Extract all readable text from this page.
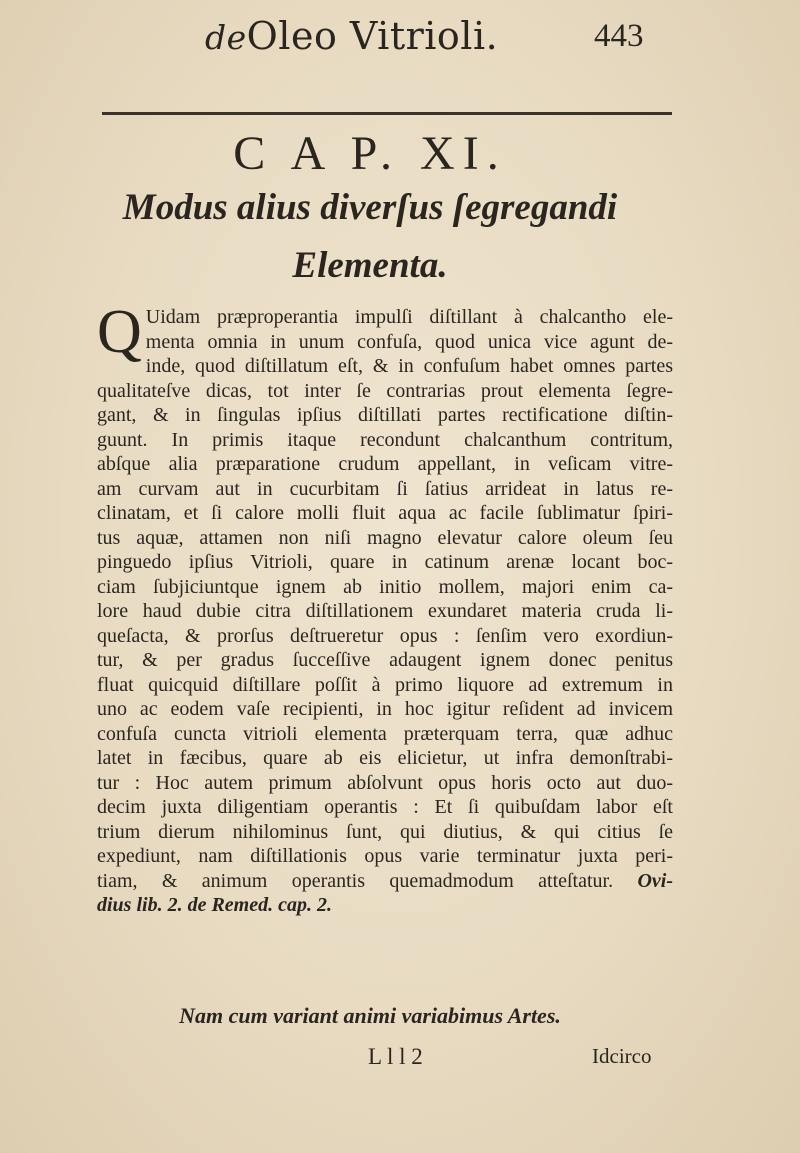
deOleo Vitrioli.	443
C A P. XI.
Modus alius diverſus ſegregandi
Elementa.
Q Uidam præproperantia impulſi diſtillant à chalcantho ele-
menta omnia in unum confuſa, quod unica vice agunt de-
inde, quod diſtillatum eſt, & in confuſum habet omnes partes
qualitateſve dicas, tot inter ſe contrarias prout elementa ſegre-
gant, & in ſingulas ipſius diſtillati partes rectificatione diſtin-
guunt. In primis itaque recondunt chalcanthum contritum,
abſque alia præparatione crudum appellant, in veſicam vitre-
am curvam aut in cucurbitam ſi ſatius arrideat in latus re-
clinatam, et ſi calore molli fluit aqua ac facile ſublimatur ſpiri-
tus aquæ, attamen non niſi magno elevatur calore oleum ſeu
pinguedo ipſius Vitrioli, quare in catinum arenæ locant boc-
ciam ſubjiciuntque ignem ab initio mollem, majori enim ca-
lore haud dubie citra diſtillationem exundaret materia cruda li-
queſacta, & prorſus deſtrueretur opus : ſenſim vero exordiun-
tur, & per gradus ſucceſſive adaugent ignem donec penitus
fluat quicquid diſtillare poſſit à primo liquore ad extremum in
uno ac eodem vaſe recipienti, in hoc igitur reſident ad invicem
confuſa cuncta vitrioli elementa præterquam terra, quæ adhuc
latet in fæcibus, quare ab eis elicietur, ut infra demonſtrabi-
tur : Hoc autem primum abſolvunt opus horis octo aut duo-
decim juxta diligentiam operantis : Et ſi quibuſdam labor eſt
trium dierum nihilominus ſunt, qui diutius, & qui citius ſe
expediunt, nam diſtillationis opus varie terminatur juxta peri-
tiam, & animum operantis quemadmodum atteſtatur. Ovi-
dius lib. 2. de Remed. cap. 2.
Nam cum variant animi variabimus Artes.
L l l 2	Idcirco
